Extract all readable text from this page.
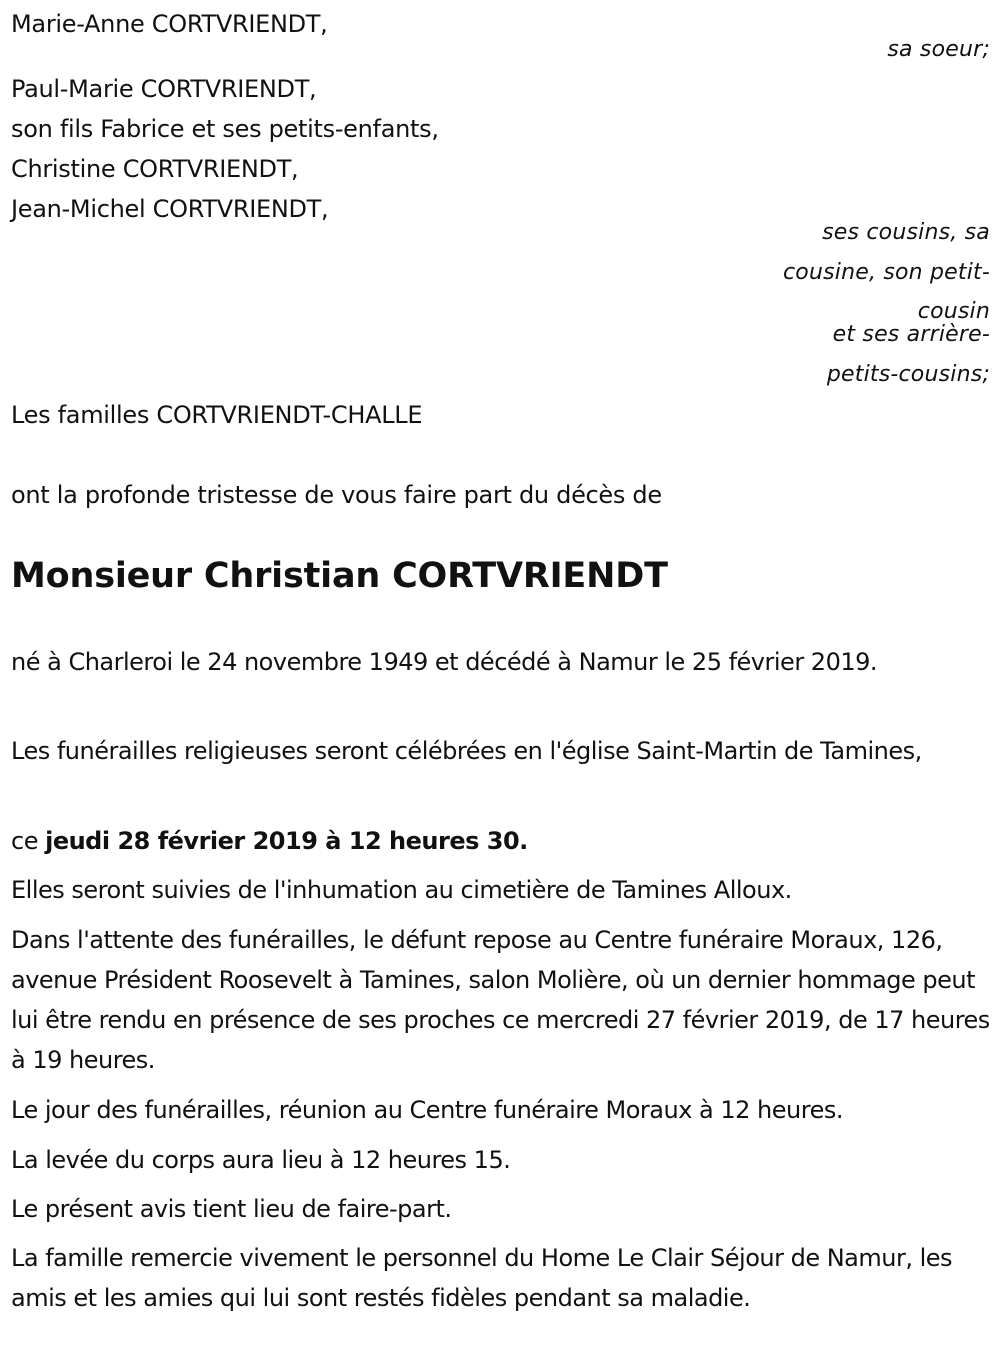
Marie-Anne CORTVRIENDT,
sa soeur;
Paul-Marie CORTVRIENDT,
son fils Fabrice et ses petits-enfants,
Christine CORTVRIENDT,
Jean-Michel CORTVRIENDT,
ses cousins, sa
cousine, son petit-
cousin
et ses arrière-
petits-cousins;
Les familles CORTVRIENDT-CHALLE
ont la profonde tristesse de vous faire part du décès de
Monsieur Christian CORTVRIENDT
né à Charleroi le 24 novembre 1949 et décédé à Namur le 25 février 2019.
Les funérailles religieuses seront célébrées en l'église Saint-Martin de Tamines,
ce jeudi 28 février 2019 à 12 heures 30.
Elles seront suivies de l'inhumation au cimetière de Tamines Alloux.
Dans l'attente des funérailles, le défunt repose au Centre funéraire Moraux, 126, avenue Président Roosevelt à Tamines, salon Molière, où un dernier hommage peut lui être rendu en présence de ses proches ce mercredi 27 février 2019, de 17 heures à 19 heures.
Le jour des funérailles, réunion au Centre funéraire Moraux à 12 heures.
La levée du corps aura lieu à 12 heures 15.
Le présent avis tient lieu de faire-part.
La famille remercie vivement le personnel du Home Le Clair Séjour de Namur, les amis et les amies qui lui sont restés fidèles pendant sa maladie.
